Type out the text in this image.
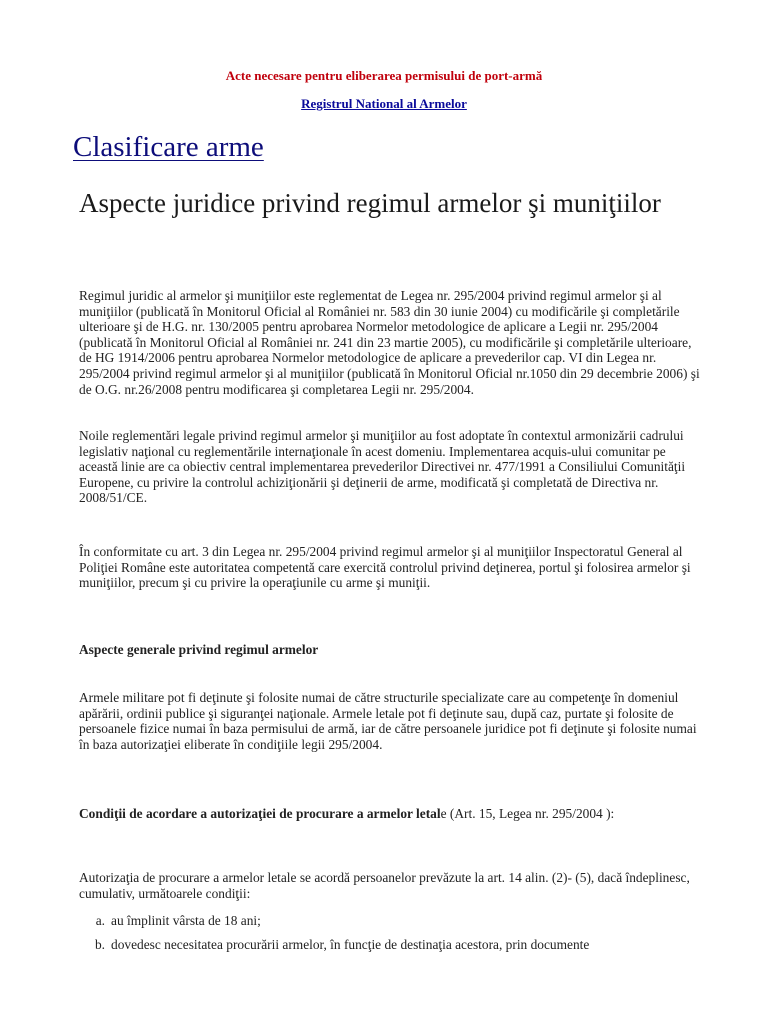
Acte necesare pentru eliberarea permisului de port-armă
Registrul National al Armelor
Clasificare arme
Aspecte juridice privind regimul armelor şi muniţiilor

Regimul juridic al armelor şi muniţiilor este reglementat de Legea nr. 295/2004 privind regimul armelor şi al muniţiilor (publicată în Monitorul Oficial al României nr. 583 din 30 iunie 2004) cu modificările şi completările ulterioare şi de H.G. nr. 130/2005 pentru aprobarea Normelor metodologice de aplicare a Legii nr. 295/2004 (publicată în Monitorul Oficial al României nr. 241 din 23 martie 2005), cu modificările şi completările ulterioare, de HG 1914/2006 pentru aprobarea Normelor metodologice de aplicare a prevederilor cap. VI din Legea nr. 295/2004 privind regimul armelor şi al muniţiilor (publicată în Monitorul Oficial nr.1050 din 29 decembrie 2006) şi de O.G. nr.26/2008 pentru modificarea şi completarea Legii nr. 295/2004.

Noile reglementări legale privind regimul armelor şi muniţiilor au fost adoptate în contextul armonizării cadrului legislativ naţional cu reglementările internaţionale în acest domeniu. Implementarea acquis-ului comunitar pe această linie are ca obiectiv central implementarea prevederilor Directivei nr. 477/1991 a Consiliului Comunităţii Europene, cu privire la controlul achiziţionării şi deţinerii de arme, modificată şi completată de Directiva nr. 2008/51/CE.

În conformitate cu art. 3 din Legea nr. 295/2004 privind regimul armelor şi al muniţiilor Inspectoratul General al Poliţiei Române este autoritatea competentă care exercită controlul privind deţinerea, portul şi folosirea armelor şi muniţiilor, precum şi cu privire la operaţiunile cu arme şi muniţii.

Aspecte generale privind regimul armelor

Armele militare pot fi deţinute şi folosite numai de către structurile specializate care au competenţe în domeniul apărării, ordinii publice şi siguranţei naţionale. Armele letale pot fi deţinute sau, după caz, purtate şi folosite de persoanele fizice numai în baza permisului de armă, iar de către persoanele juridice pot fi deţinute şi folosite numai în baza autorizaţiei eliberate în condiţiile legii 295/2004.

Condiţii de acordare a autorizaţiei de procurare a armelor letale (Art. 15, Legea nr. 295/2004 ):

Autorizaţia de procurare a armelor letale se acordă persoanelor prevăzute la art. 14 alin. (2)- (5), dacă îndeplinesc, cumulativ, următoarele condiţii:

a. au împlinit vârsta de 18 ani;
b. dovedesc necesitatea procurării armelor, în funcţie de destinaţia acestora, prin documente
